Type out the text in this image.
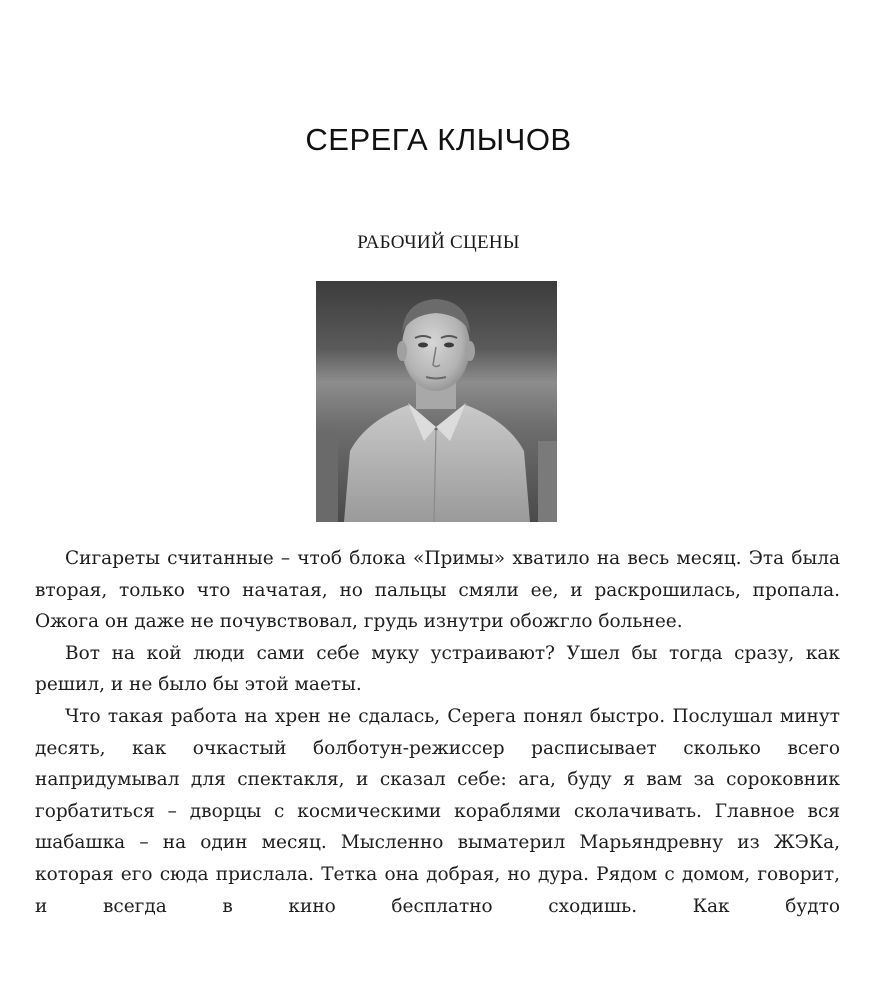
СЕРЕГА КЛЫЧОВ
РАБОЧИЙ СЦЕНЫ

Сигареты считанные – чтоб блока «Примы» хватило на весь месяц. Эта была вторая, только что начатая, но пальцы смяли ее, и раскрошилась, пропала. Ожога он даже не почувствовал, грудь изнутри обожгло больнее.

Вот на кой люди сами себе муку устраивают? Ушел бы тогда сразу, как решил, и не было бы этой маеты.

Что такая работа на хрен не сдалась, Серега понял быстро. Послушал минут десять, как очкастый болботун-режиссер расписывает сколько всего напридумывал для спектакля, и сказал себе: ага, буду я вам за сороковник горбатиться – дворцы с космическими кораблями сколачивать. Главное вся шабашка – на один месяц. Мысленно выматерил Марьяндревну из ЖЭКа, которая его сюда прислала. Тетка она добрая, но дура. Рядом с домом, говорит, и всегда в кино бесплатно сходишь. Как будто
